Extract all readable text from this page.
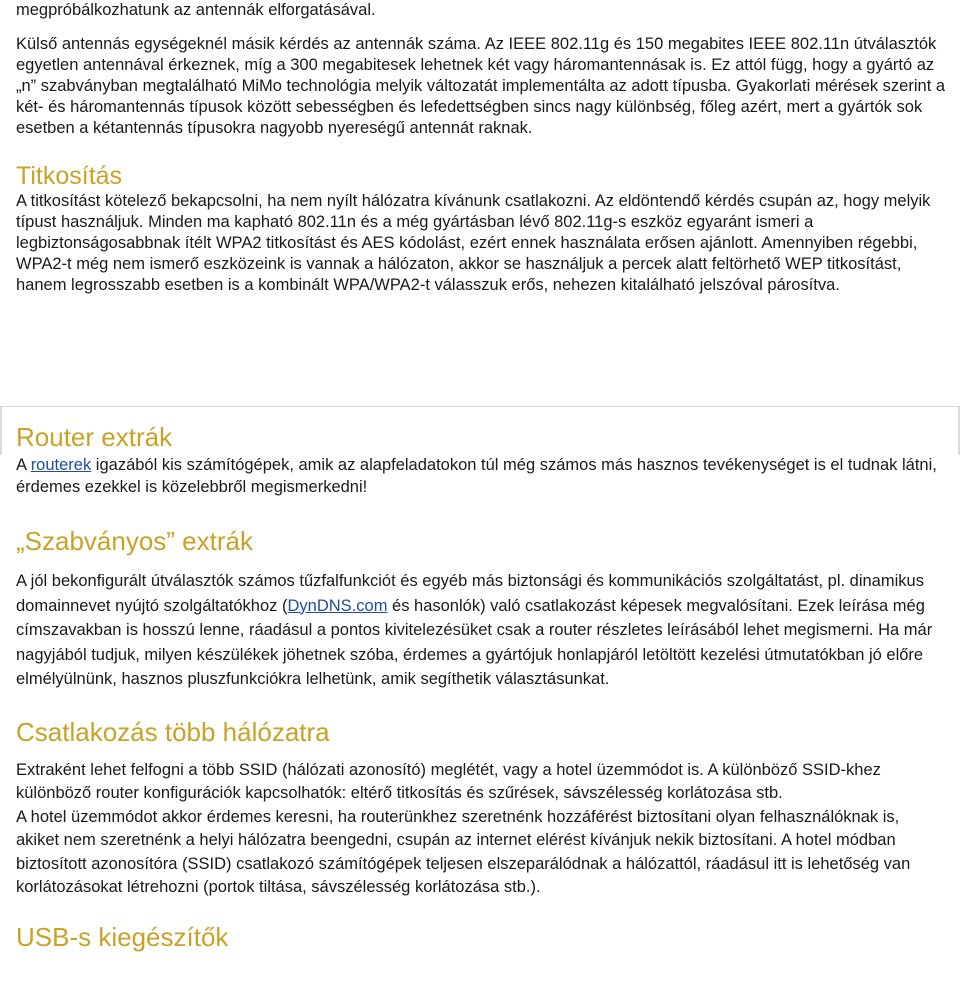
megpróbálkozhatunk az antennák elforgatásával.

Külső antennás egységeknél másik kérdés az antennák száma. Az IEEE 802.11g és 150 megabites IEEE 802.11n útválasztók egyetlen antennával érkeznek, míg a 300 megabitesek lehetnek két vagy háromantennásak is. Ez attól függ, hogy a gyártó az „n” szabványban megtalálható MiMo technológia melyik változatát implementálta az adott típusba. Gyakorlati mérések szerint a két- és háromantennás típusok között sebességben és lefedettségben sincs nagy különbség, főleg azért, mert a gyártók sok esetben a kétantennás típusokra nagyobb nyereségű antennát raknak.

Titkosítás

A titkosítást kötelező bekapcsolni, ha nem nyílt hálózatra kívánunk csatlakozni. Az eldöntendő kérdés csupán az, hogy melyik típust használjuk. Minden ma kapható 802.11n és a még gyártásban lévő 802.11g-s eszköz egyaránt ismeri a legbiztonságosabbnak ítélt WPA2 titkosítást és AES kódolást, ezért ennek használata erősen ajánlott. Amennyiben régebbi, WPA2-t még nem ismerő eszközeink is vannak a hálózaton, akkor se használjuk a percek alatt feltörhető WEP titkosítást, hanem legrosszabb esetben is a kombinált WPA/WPA2-t válasszuk erős, nehezen kitalálható jelszóval párosítva.

Router extrák

A routerek igazából kis számítógépek, amik az alapfeladatokon túl még számos más hasznos tevékenységet is el tudnak látni, érdemes ezekkel is közelebbről megismerkedni!

„Szabványos” extrák

A jól bekonfigurált útválasztók számos tűzfalfunkciót és egyéb más biztonsági és kommunikációs szolgáltatást, pl. dinamikus domainnevet nyújtó szolgáltatókhoz (DynDNS.com és hasonlók) való csatlakozást képesek megvalósítani. Ezek leírása még címszavakban is hosszú lenne, ráadásul a pontos kivitelezésüket csak a router részletes leírásából lehet megismerni. Ha már nagyjából tudjuk, milyen készülékek jöhetnek szóba, érdemes a gyártójuk honlapjáról letöltött kezelési útmutatókban jó előre elmélyülnünk, hasznos pluszfunkciókra lelhetünk, amik segíthetik választásunkat.

Csatlakozás több hálózatra

Extraként lehet felfogni a több SSID (hálózati azonosító) meglétét, vagy a hotel üzemmódot is. A különböző SSID-khez különböző router konfigurációk kapcsolhatók: eltérő titkosítás és szűrések, sávszélesség korlátozása stb.

A hotel üzemmódot akkor érdemes keresni, ha routerünkhez szeretnénk hozzáférést biztosítani olyan felhasználóknak is, akiket nem szeretnénk a helyi hálózatra beengedni, csupán az internet elérést kívánjuk nekik biztosítani. A hotel módban biztosított azonosítóra (SSID) csatlakozó számítógépek teljesen elszeparálódnak a hálózattól, ráadásul itt is lehetőség van korlátozásokat létrehozni (portok tiltása, sávszélesség korlátozása stb.).

USB-s kiegészítők
